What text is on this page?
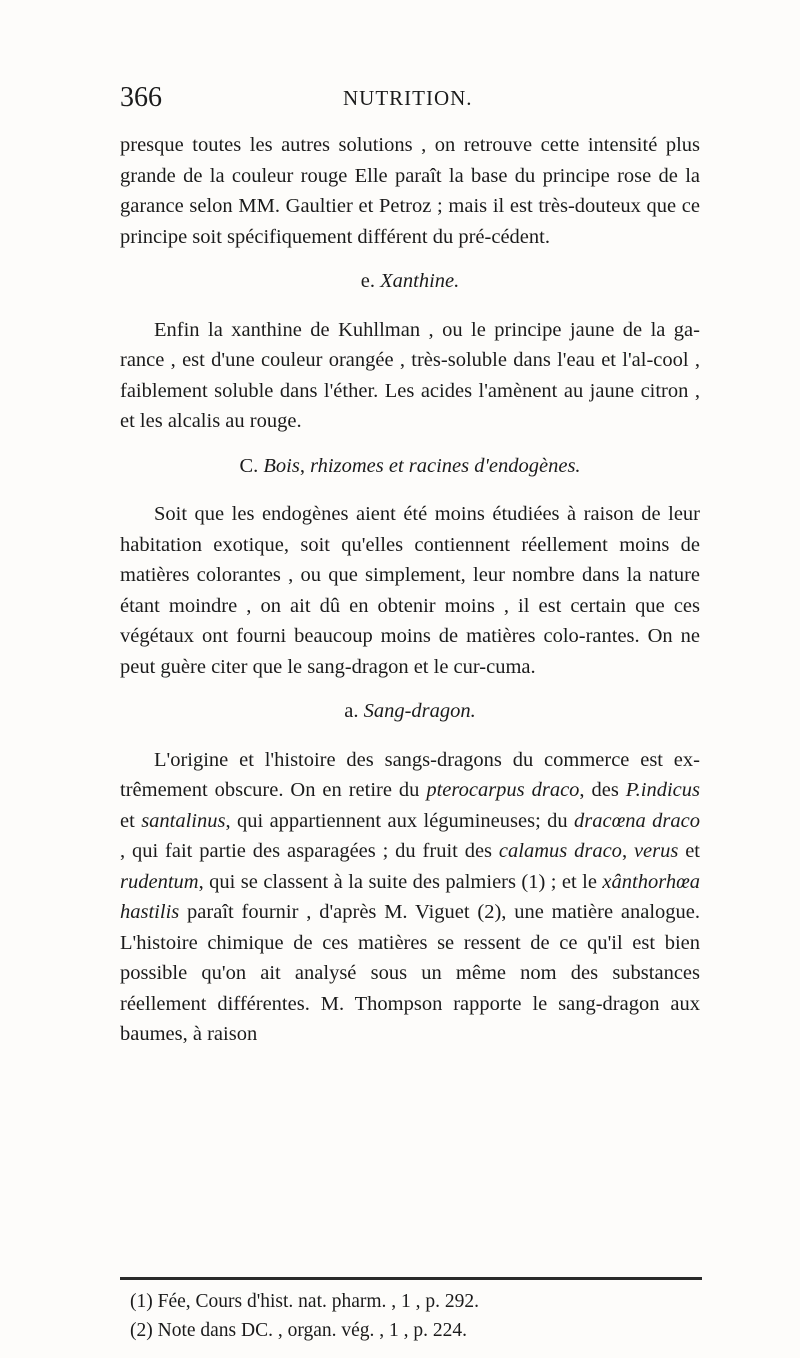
366	NUTRITION.

presque toutes les autres solutions , on retrouve cette intensité plus grande de la couleur rouge Elle paraît la base du principe rose de la garance selon MM. Gaultier et Petroz ; mais il est très-douteux que ce principe soit spécifiquement différent du pré-cédent.

e. Xanthine.

Enfin la xanthine de Kuhllman , ou le principe jaune de la ga-rance , est d'une couleur orangée , très-soluble dans l'eau et l'al-cool , faiblement soluble dans l'éther. Les acides l'amènent au jaune citron , et les alcalis au rouge.

C. Bois, rhizomes et racines d'endogènes.

Soit que les endogènes aient été moins étudiées à raison de leur habitation exotique, soit qu'elles contiennent réellement moins de matières colorantes , ou que simplement, leur nombre dans la nature étant moindre , on ait dû en obtenir moins , il est certain que ces végétaux ont fourni beaucoup moins de matières colo-rantes. On ne peut guère citer que le sang-dragon et le cur-cuma.

a. Sang-dragon.

L'origine et l'histoire des sangs-dragons du commerce est ex-trêmement obscure. On en retire du pterocarpus draco, des P.indicus et santalinus, qui appartiennent aux légumineuses; du dracœna draco , qui fait partie des asparagées ; du fruit des calamus draco, verus et rudentum, qui se classent à la suite des palmiers (1) ; et le xânthorhœa hastilis paraît fournir , d'après M. Viguet (2), une matière analogue. L'histoire chimique de ces matières se ressent de ce qu'il est bien possible qu'on ait analysé sous un même nom des substances réellement différentes. M. Thompson rapporte le sang-dragon aux baumes, à raison

(1) Fée, Cours d'hist. nat. pharm. , 1 , p. 292.

(2) Note dans DC. , organ. vég. , 1 , p. 224.
